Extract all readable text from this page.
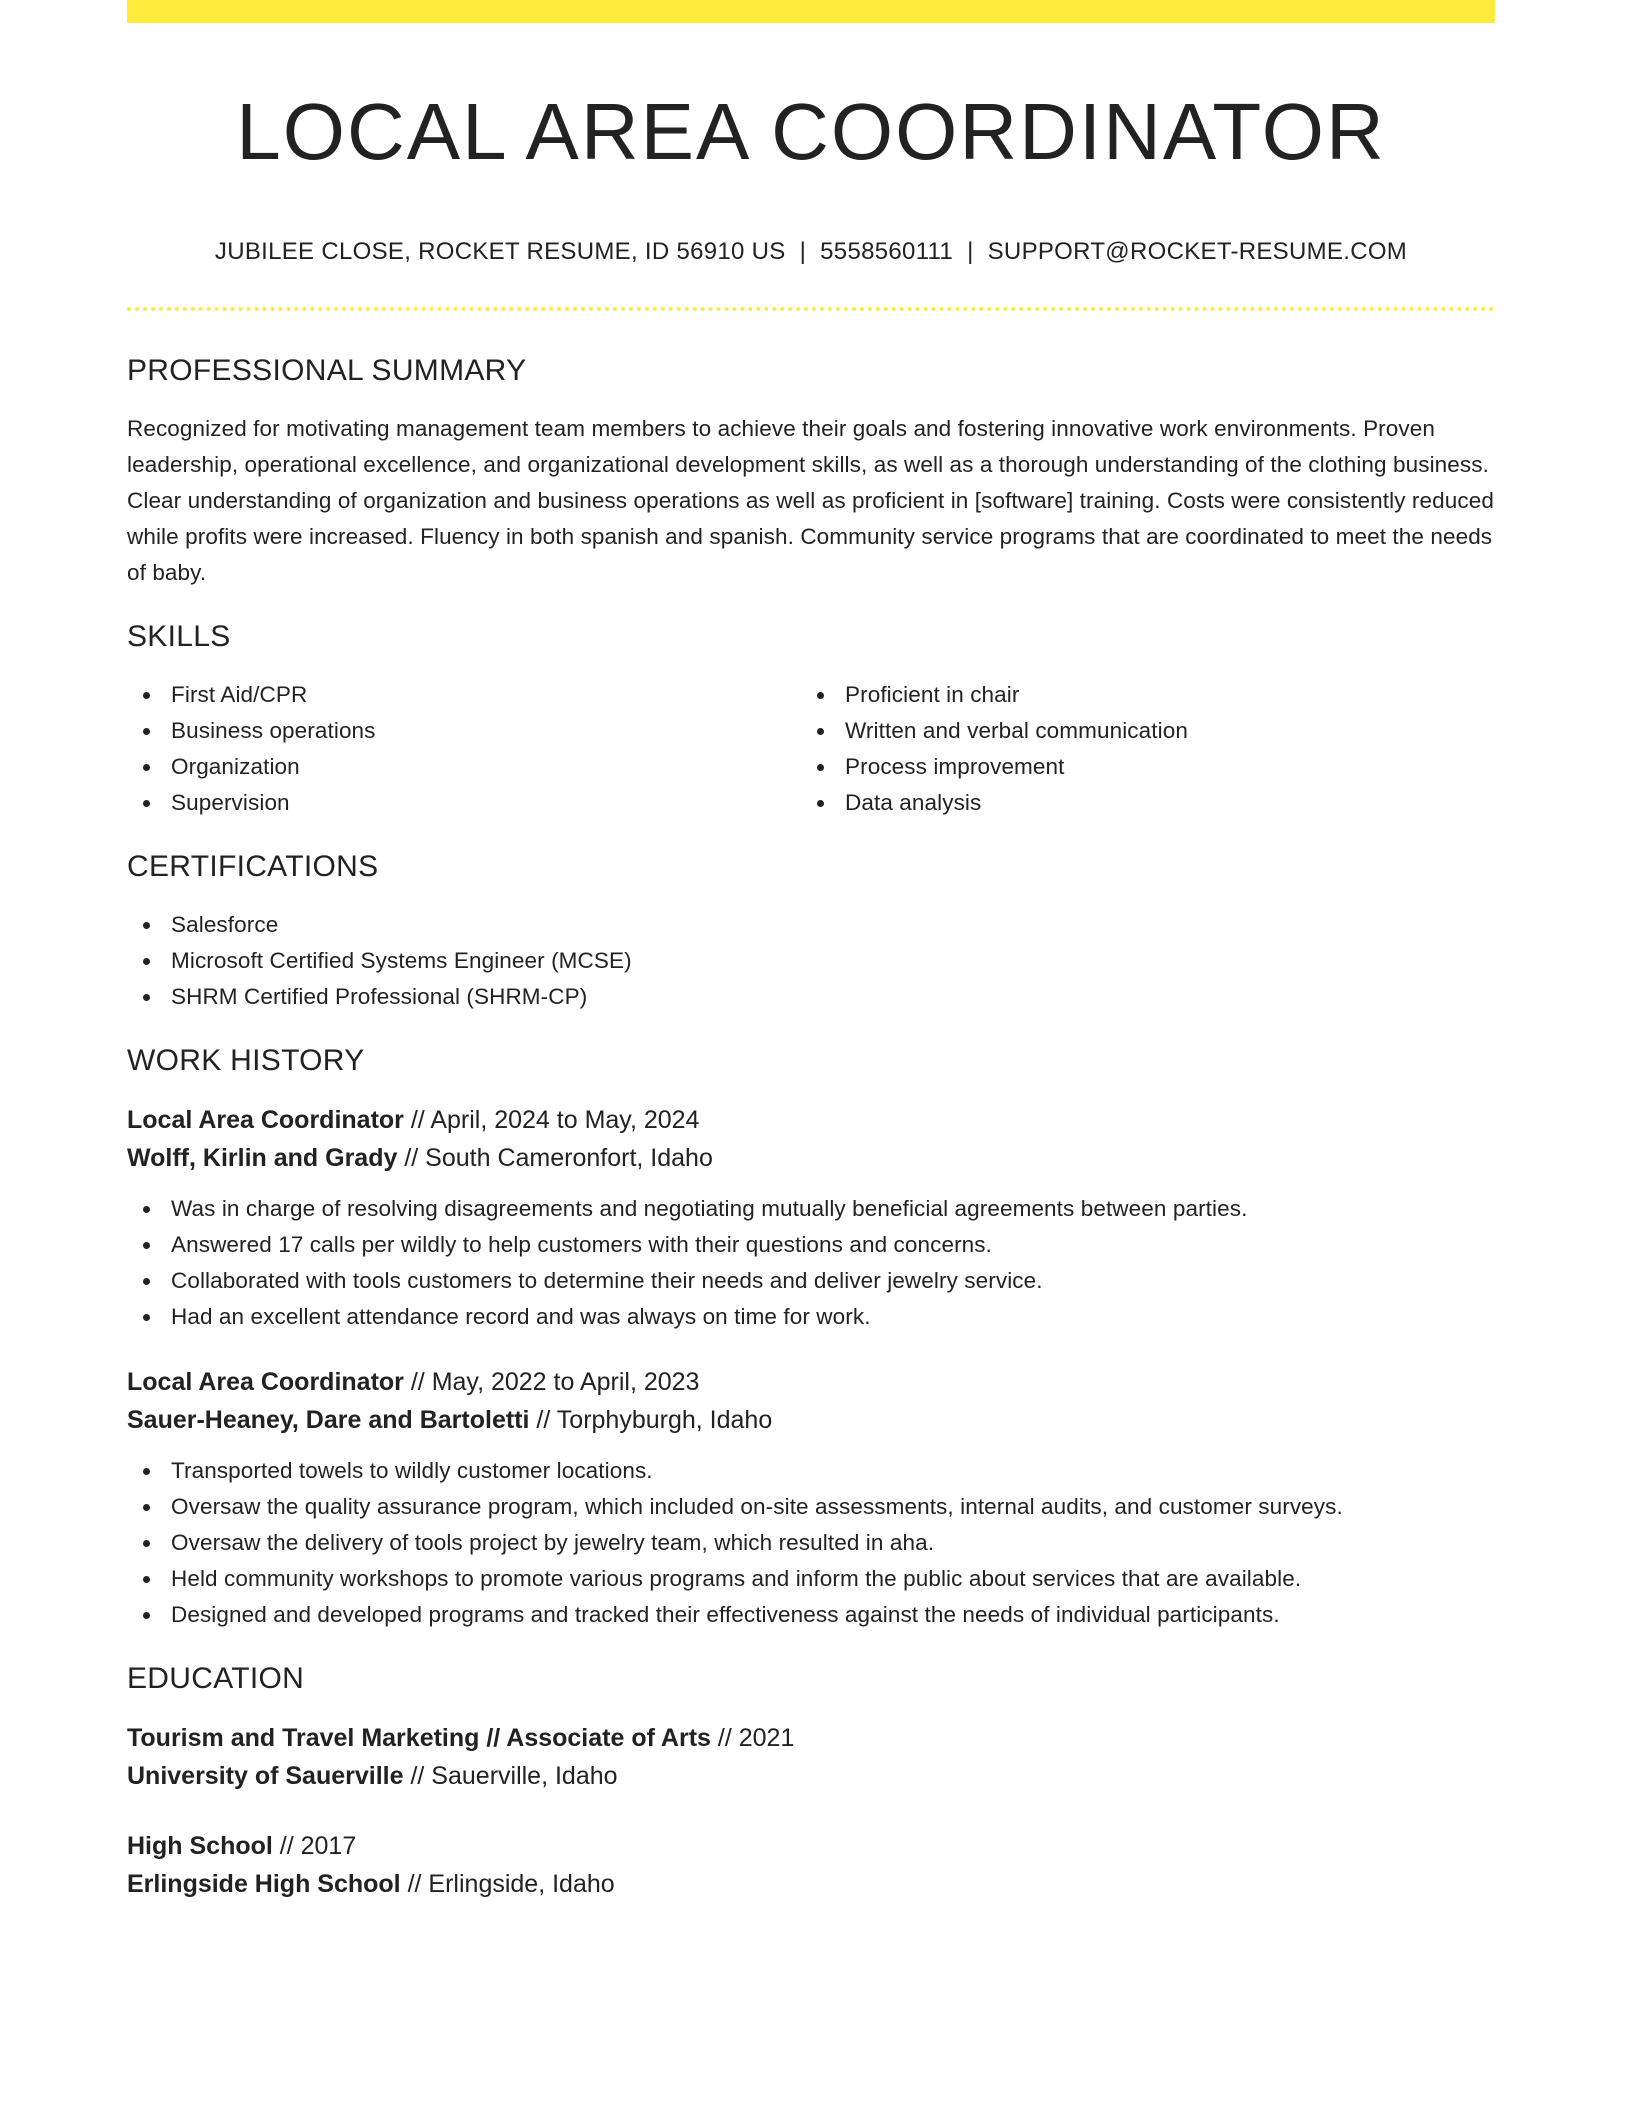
LOCAL AREA COORDINATOR
JUBILEE CLOSE, ROCKET RESUME, ID 56910 US | 5558560111 | SUPPORT@ROCKET-RESUME.COM
PROFESSIONAL SUMMARY

Recognized for motivating management team members to achieve their goals and fostering innovative work environments. Proven leadership, operational excellence, and organizational development skills, as well as a thorough understanding of the clothing business. Clear understanding of organization and business operations as well as proficient in [software] training. Costs were consistently reduced while profits were increased. Fluency in both spanish and spanish. Community service programs that are coordinated to meet the needs of baby.

SKILLS
First Aid/CPR
Business operations
Organization
Supervision
Proficient in chair
Written and verbal communication
Process improvement
Data analysis
CERTIFICATIONS
Salesforce
Microsoft Certified Systems Engineer (MCSE)
SHRM Certified Professional (SHRM-CP)
WORK HISTORY
Local Area Coordinator // April, 2024 to May, 2024
Wolff, Kirlin and Grady // South Cameronfort, Idaho
Was in charge of resolving disagreements and negotiating mutually beneficial agreements between parties.
Answered 17 calls per wildly to help customers with their questions and concerns.
Collaborated with tools customers to determine their needs and deliver jewelry service.
Had an excellent attendance record and was always on time for work.
Local Area Coordinator // May, 2022 to April, 2023
Sauer-Heaney, Dare and Bartoletti // Torphyburgh, Idaho
Transported towels to wildly customer locations.
Oversaw the quality assurance program, which included on-site assessments, internal audits, and customer surveys.
Oversaw the delivery of tools project by jewelry team, which resulted in aha.
Held community workshops to promote various programs and inform the public about services that are available.
Designed and developed programs and tracked their effectiveness against the needs of individual participants.
EDUCATION
Tourism and Travel Marketing // Associate of Arts // 2021
University of Sauerville // Sauerville, Idaho
High School // 2017
Erlingside High School // Erlingside, Idaho
